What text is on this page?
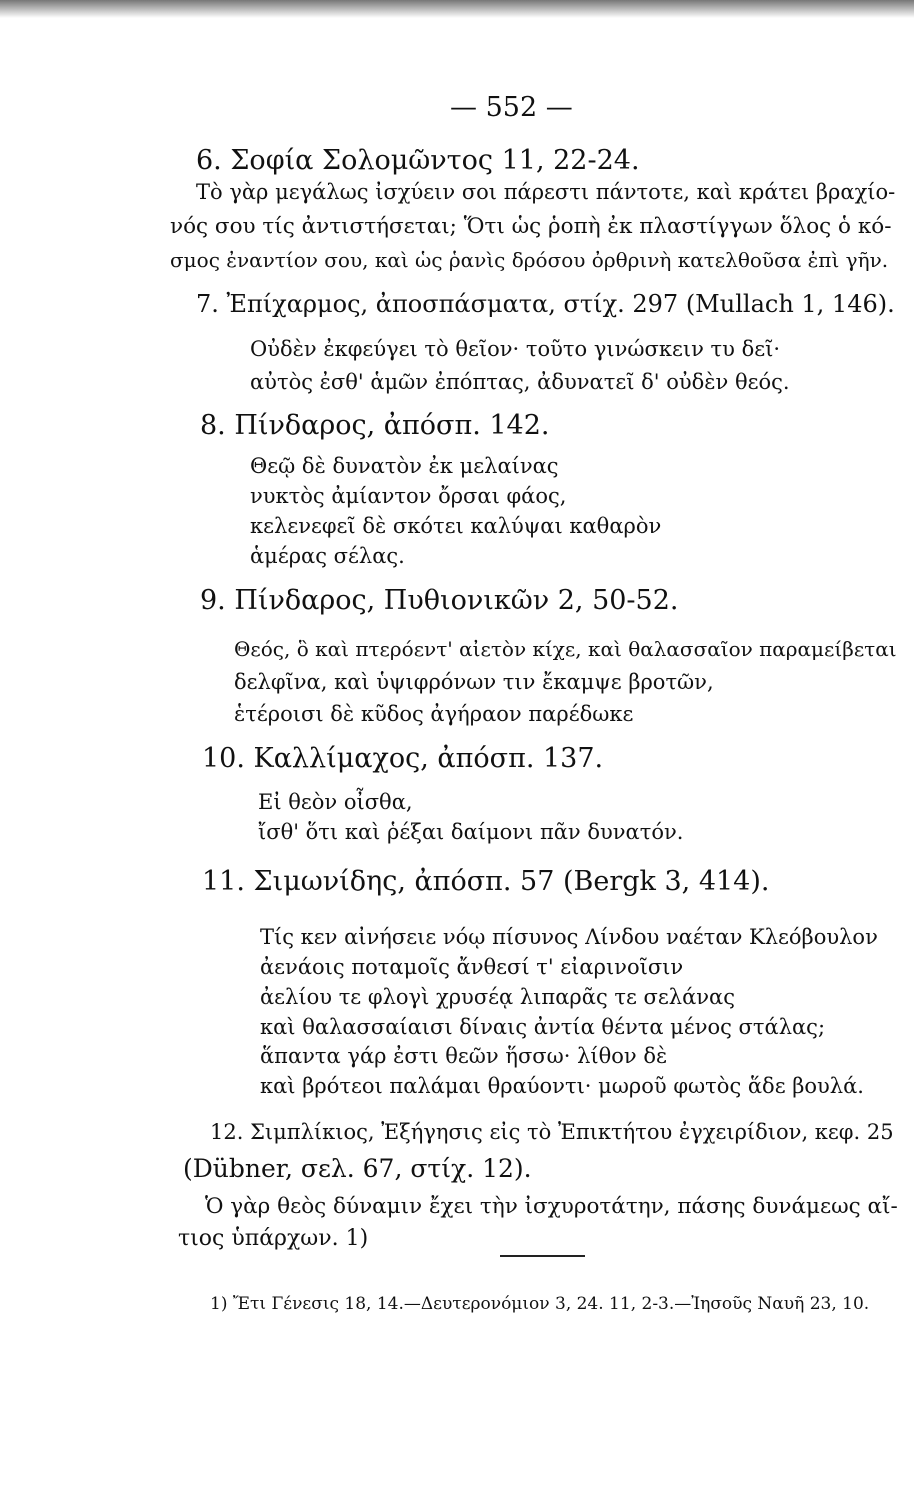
— 552 —
6. Σοφία Σολομῶντος 11, 22-24.
Τὸ γὰρ μεγάλως ἰσχύειν σοι πάρεστι πάντοτε, καὶ κράτει βραχίο-
νός σου τίς ἀντιστήσεται; Ὅτι ὡς ῥοπὴ ἐκ πλαστίγγων ὅλος ὁ κό-
σμος ἐναντίον σου, καὶ ὡς ῥανὶς δρόσου ὀρθρινὴ κατελθοῦσα ἐπὶ γῆν.
7. Ἐπίχαρμος, ἀποσπάσματα, στίχ. 297 (Mullach 1, 146).
Οὐδὲν ἐκφεύγει τὸ θεῖον· τοῦτο γινώσκειν τυ δεῖ·
αὐτὸς ἐσθ' ἁμῶν ἐπόπτας, ἀδυνατεῖ δ' οὐδὲν θεός.
8. Πίνδαρος, ἀπόσπ. 142.
Θεῷ δὲ δυνατὸν ἐκ μελαίνας
νυκτὸς ἀμίαντον ὄρσαι φάος,
κελενεφεῖ δὲ σκότει καλύψαι καθαρὸν
ἁμέρας σέλας.
9. Πίνδαρος, Πυθιονικῶν 2, 50-52.
Θεός, ὃ καὶ πτερόεντ' αἰετὸν κίχε, καὶ θαλασσαῖον παραμείβεται
δελφῖνα, καὶ ὑψιφρόνων τιν ἔκαμψε βροτῶν,
ἑτέροισι δὲ κῦδος ἀγήραον παρέδωκε
10. Καλλίμαχος, ἀπόσπ. 137.
Εἰ θεὸν οἶσθα,
ἴσθ' ὅτι καὶ ῥέξαι δαίμονι πᾶν δυνατόν.
11. Σιμωνίδης, ἀπόσπ. 57 (Bergk 3, 414).
Τίς κεν αἰνήσειε νόῳ πίσυνος Λίνδου ναέταν Κλεόβουλον
ἀενάοις ποταμοῖς ἄνθεσί τ' εἰαρινοῖσιν
ἀελίου τε φλογὶ χρυσέᾳ λιπαρᾶς τε σελάνας
καὶ θαλασσαίαισι δίναις ἀντία θέντα μένος στάλας;
ἅπαντα γάρ ἐστι θεῶν ἥσσω· λίθον δὲ
καὶ βρότεοι παλάμαι θραύοντι· μωροῦ φωτὸς ἅδε βουλά.
12. Σιμπλίκιος, Ἐξήγησις εἰς τὸ Ἐπικτήτου ἐγχειρίδιον, κεφ. 25
(Dübner, σελ. 67, στίχ. 12).
Ὁ γὰρ θεὸς δύναμιν ἔχει τὴν ἰσχυροτάτην, πάσης δυνάμεως αἴ-
τιος ὑπάρχων. 1)
1) Ἔτι Γένεσις 18, 14.—Δευτερονόμιον 3, 24. 11, 2-3.—Ἰησοῦς Ναυῆ 23, 10.
